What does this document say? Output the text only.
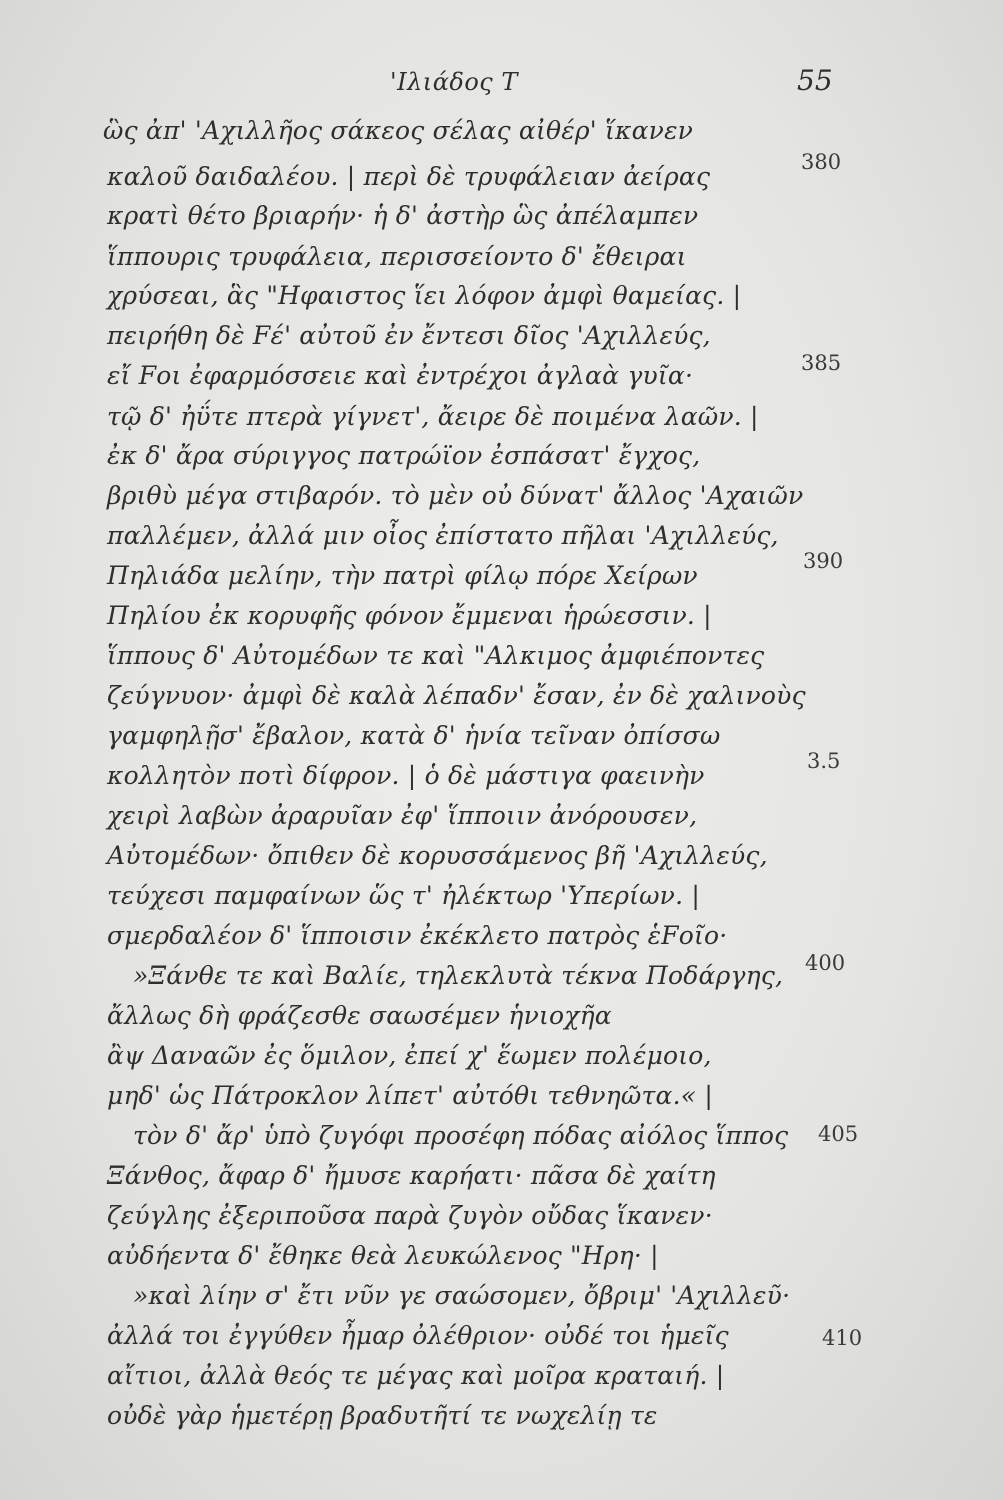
'Ιλιάδος Τ	55
ὣς ἀπ' 'Αχιλλῆος σάκεος σέλας αἰθέρ' ἵκανεν
καλοῦ δαιδαλέου. | περὶ δὲ τρυφάλειαν ἀείρας
κρατὶ θέτο βριαρήν· ἡ δ' ἀστὴρ ὣς ἀπέλαμπεν
ἵππουρις τρυφάλεια, περισσείοντο δ' ἔθειραι
χρύσεαι, ἃς "Ηφαιστος ἵει λόφον ἀμφὶ θαμείας. |
πειρήθη δὲ Fέ' αὐτοῦ ἐν ἔντεσι δῖος 'Αχιλλεύς,
εἴ Fοι ἐφαρμόσσειε καὶ ἐντρέχοι ἀγλαὰ γυῖα·
τῷ δ' ἠΰτε πτερὰ γίγνετ', ἄειρε δὲ ποιμένα λαῶν. |
ἐκ δ' ἄρα σύριγγος πατρώϊον ἐσπάσατ' ἔγχος,
βριθὺ μέγα στιβαρόν. τὸ μὲν οὐ δύνατ' ἄλλος 'Αχαιῶν
παλλέμεν, ἀλλά μιν οἶος ἐπίστατο πῆλαι 'Αχιλλεύς,
Πηλιάδα μελίην, τὴν πατρὶ φίλῳ πόρε Χείρων
Πηλίου ἐκ κορυφῆς φόνον ἔμμεναι ἡρώεσσιν. |
ἵππους δ' Αὐτομέδων τε καὶ "Αλκιμος ἀμφιέποντες
ζεύγνυον· ἀμφὶ δὲ καλὰ λέπαδν' ἔσαν, ἐν δὲ χαλινοὺς
γαμφηλῇσ' ἔβαλον, κατὰ δ' ἡνία τεῖναν ὀπίσσω
κολλητὸν ποτὶ δίφρον. | ὁ δὲ μάστιγα φαεινὴν
χειρὶ λαβὼν ἀραρυῖαν ἐφ' ἵπποιιν ἀνόρουσεν,
Αὐτομέδων· ὄπιθεν δὲ κορυσσάμενος βῆ 'Αχιλλεύς,
τεύχεσι παμφαίνων ὥς τ' ἠλέκτωρ 'Υπερίων. |
σμερδαλέον δ' ἵπποισιν ἐκέκλετο πατρὸς ἑFοῖο·
»Ξάνθε τε καὶ Βαλίε, τηλεκλυτὰ τέκνα Ποδάργης,
ἄλλως δὴ φράζεσθε σαωσέμεν ἡνιοχῆα
ἂψ Δαναῶν ἐς ὅμιλον, ἐπεί χ' ἕωμεν πολέμοιο,
μηδ' ὡς Πάτροκλον λίπετ' αὐτόθι τεθνηῶτα.« |
τὸν δ' ἄρ' ὑπὸ ζυγόφι προσέφη πόδας αἰόλος ἵππος
Ξάνθος, ἄφαρ δ' ἤμυσε καρήατι· πᾶσα δὲ χαίτη
ζεύγλης ἐξεριποῦσα παρὰ ζυγὸν οὔδας ἵκανεν·
αὐδήεντα δ' ἔθηκε θεὰ λευκώλενος "Ηρη· |
»καὶ λίην σ' ἔτι νῦν γε σαώσομεν, ὄβριμ' 'Αχιλλεῦ·
ἀλλά τοι ἐγγύθεν ἦμαρ ὀλέθριον· οὐδέ τοι ἡμεῖς
αἴτιοι, ἀλλὰ θεός τε μέγας καὶ μοῖρα κραταιή. |
οὐδὲ γὰρ ἡμετέρῃ βραδυτῆτί τε νωχελίῃ τε
380
385
390
3.5
400
405
410
